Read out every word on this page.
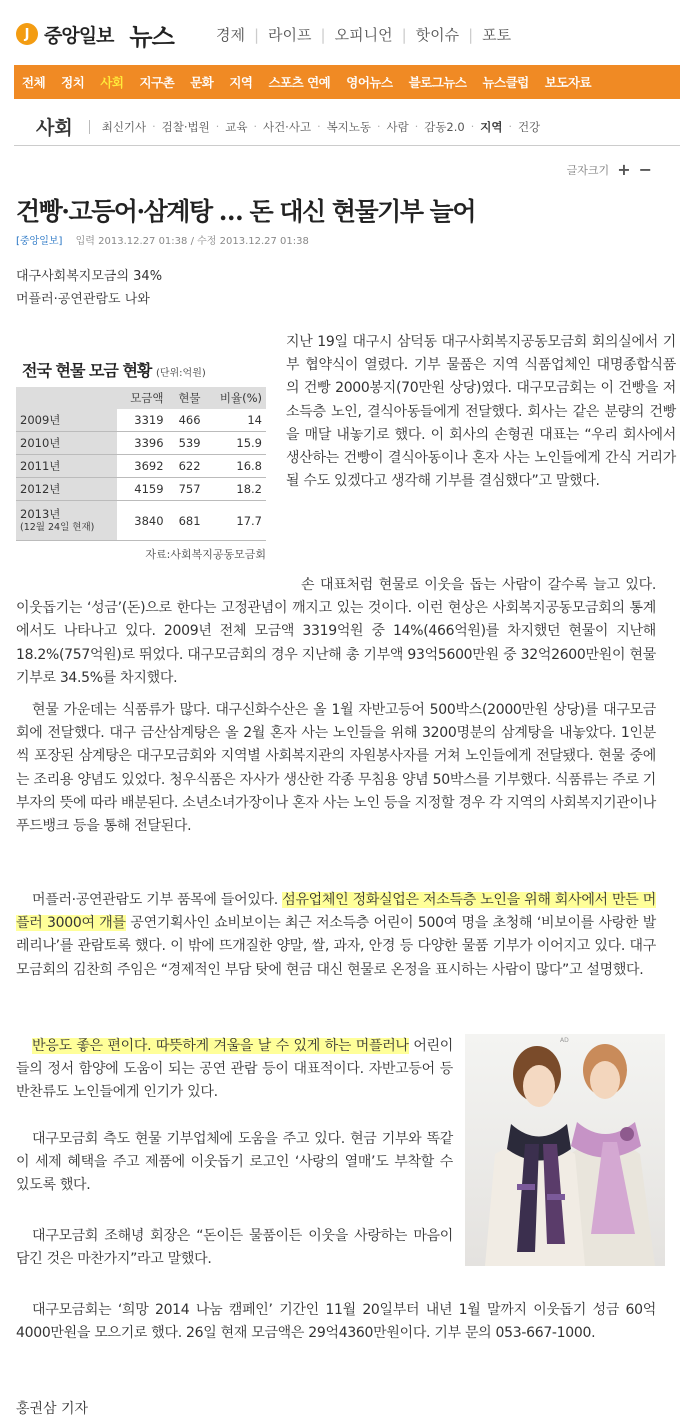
J 중앙일보 뉴스	경제 | 라이프 | 오피니언 | 핫이슈 | 포토
전체	정치	사회	지구촌	문화	지역	스포츠 연예	영어뉴스	블로그뉴스	뉴스클럽	보도자료
사회	최신기사 · 검찰·법원 · 교육 · 사건·사고 · 복지노동 · 사람 · 감동2.0 · 지역 · 건강
글자크기 + −
건빵·고등어·삼계탕 … 돈 대신 현물기부 늘어
[중앙일보] 입력 2013.12.27 01:38 / 수정 2013.12.27 01:38
대구사회복지모금의 34%
머플러·공연관람도 나와
전국 현물 모금 현황 (단위:억원)
	모금액	현물	비율(%)
2009년	3319	466	14
2010년	3396	539	15.9
2011년	3692	622	16.8
2012년	4159	757	18.2

2013년
(12월 24일 현재)	3840	681	17.7
자료:사회복지공동모금회

지난 19일 대구시 삼덕동 대구사회복지공동모금회 회의실에서 기부 협약식이 열렸다. 기부 물품은 지역 식품업체인 대명종합식품의 건빵 2000봉지(70만원 상당)였다. 대구모금회는 이 건빵을 저소득층 노인, 결식아동들에게 전달했다. 회사는 같은 분량의 건빵을 매달 내놓기로 했다. 이 회사의 손형권 대표는 “우리 회사에서 생산하는 건빵이 결식아동이나 혼자 사는 노인들에게 간식 거리가 될 수도 있겠다고 생각해 기부를 결심했다”고 말했다.

손 대표처럼 현물로 이웃을 돕는 사람이 갈수록 늘고 있다. 이웃돕기는 ‘성금’(돈)으로 한다는 고정관념이 깨지고 있는 것이다. 이런 현상은 사회복지공동모금회의 통계에서도 나타나고 있다. 2009년 전체 모금액 3319억원 중 14%(466억원)를 차지했던 현물이 지난해 18.2%(757억원)로 뛰었다. 대구모금회의 경우 지난해 총 기부액 93억5600만원 중 32억2600만원이 현물 기부로 34.5%를 차지했다.

현물 가운데는 식품류가 많다. 대구신화수산은 올 1월 자반고등어 500박스(2000만원 상당)를 대구모금회에 전달했다. 대구 금산삼계탕은 올 2월 혼자 사는 노인들을 위해 3200명분의 삼계탕을 내놓았다. 1인분씩 포장된 삼계탕은 대구모금회와 지역별 사회복지관의 자원봉사자를 거쳐 노인들에게 전달됐다. 현물 중에는 조리용 양념도 있었다. 청우식품은 자사가 생산한 각종 무침용 양념 50박스를 기부했다. 식품류는 주로 기부자의 뜻에 따라 배분된다. 소년소녀가장이나 혼자 사는 노인 등을 지정할 경우 각 지역의 사회복지기관이나 푸드뱅크 등을 통해 전달된다.

머플러·공연관람도 기부 품목에 들어있다. 섬유업체인 정화실업은 저소득층 노인을 위해 회사에서 만든 머플러 3000여 개를 공연기획사인 쇼비보이는 최근 저소득층 어린이 500여 명을 초청해 ‘비보이를 사랑한 발레리나’를 관람토록 했다. 이 밖에 뜨개질한 양말, 쌀, 과자, 안경 등 다양한 물품 기부가 이어지고 있다. 대구모금회의 김찬희 주임은 “경제적인 부담 탓에 현금 대신 현물로 온정을 표시하는 사람이 많다”고 설명했다.

반응도 좋은 편이다. 따뜻하게 겨울을 날 수 있게 하는 머플러나 어린이들의 정서 함양에 도움이 되는 공연 관람 등이 대표적이다. 자반고등어 등 반찬류도 노인들에게 인기가 있다.

대구모금회 측도 현물 기부업체에 도움을 주고 있다. 현금 기부와 똑같이 세제 혜택을 주고 제품에 이웃돕기 로고인 ‘사랑의 열매’도 부착할 수 있도록 했다.

대구모금회 조해녕 회장은 “돈이든 물품이든 이웃을 사랑하는 마음이 담긴 것은 마찬가지”라고 말했다.

대구모금회는 ‘희망 2014 나눔 캠페인’ 기간인 11월 20일부터 내년 1월 말까지 이웃돕기 성금 60억4000만원을 모으기로 했다. 26일 현재 모금액은 29억4360만원이다. 기부 문의 053-667-1000.

AD
홍권삼 기자
